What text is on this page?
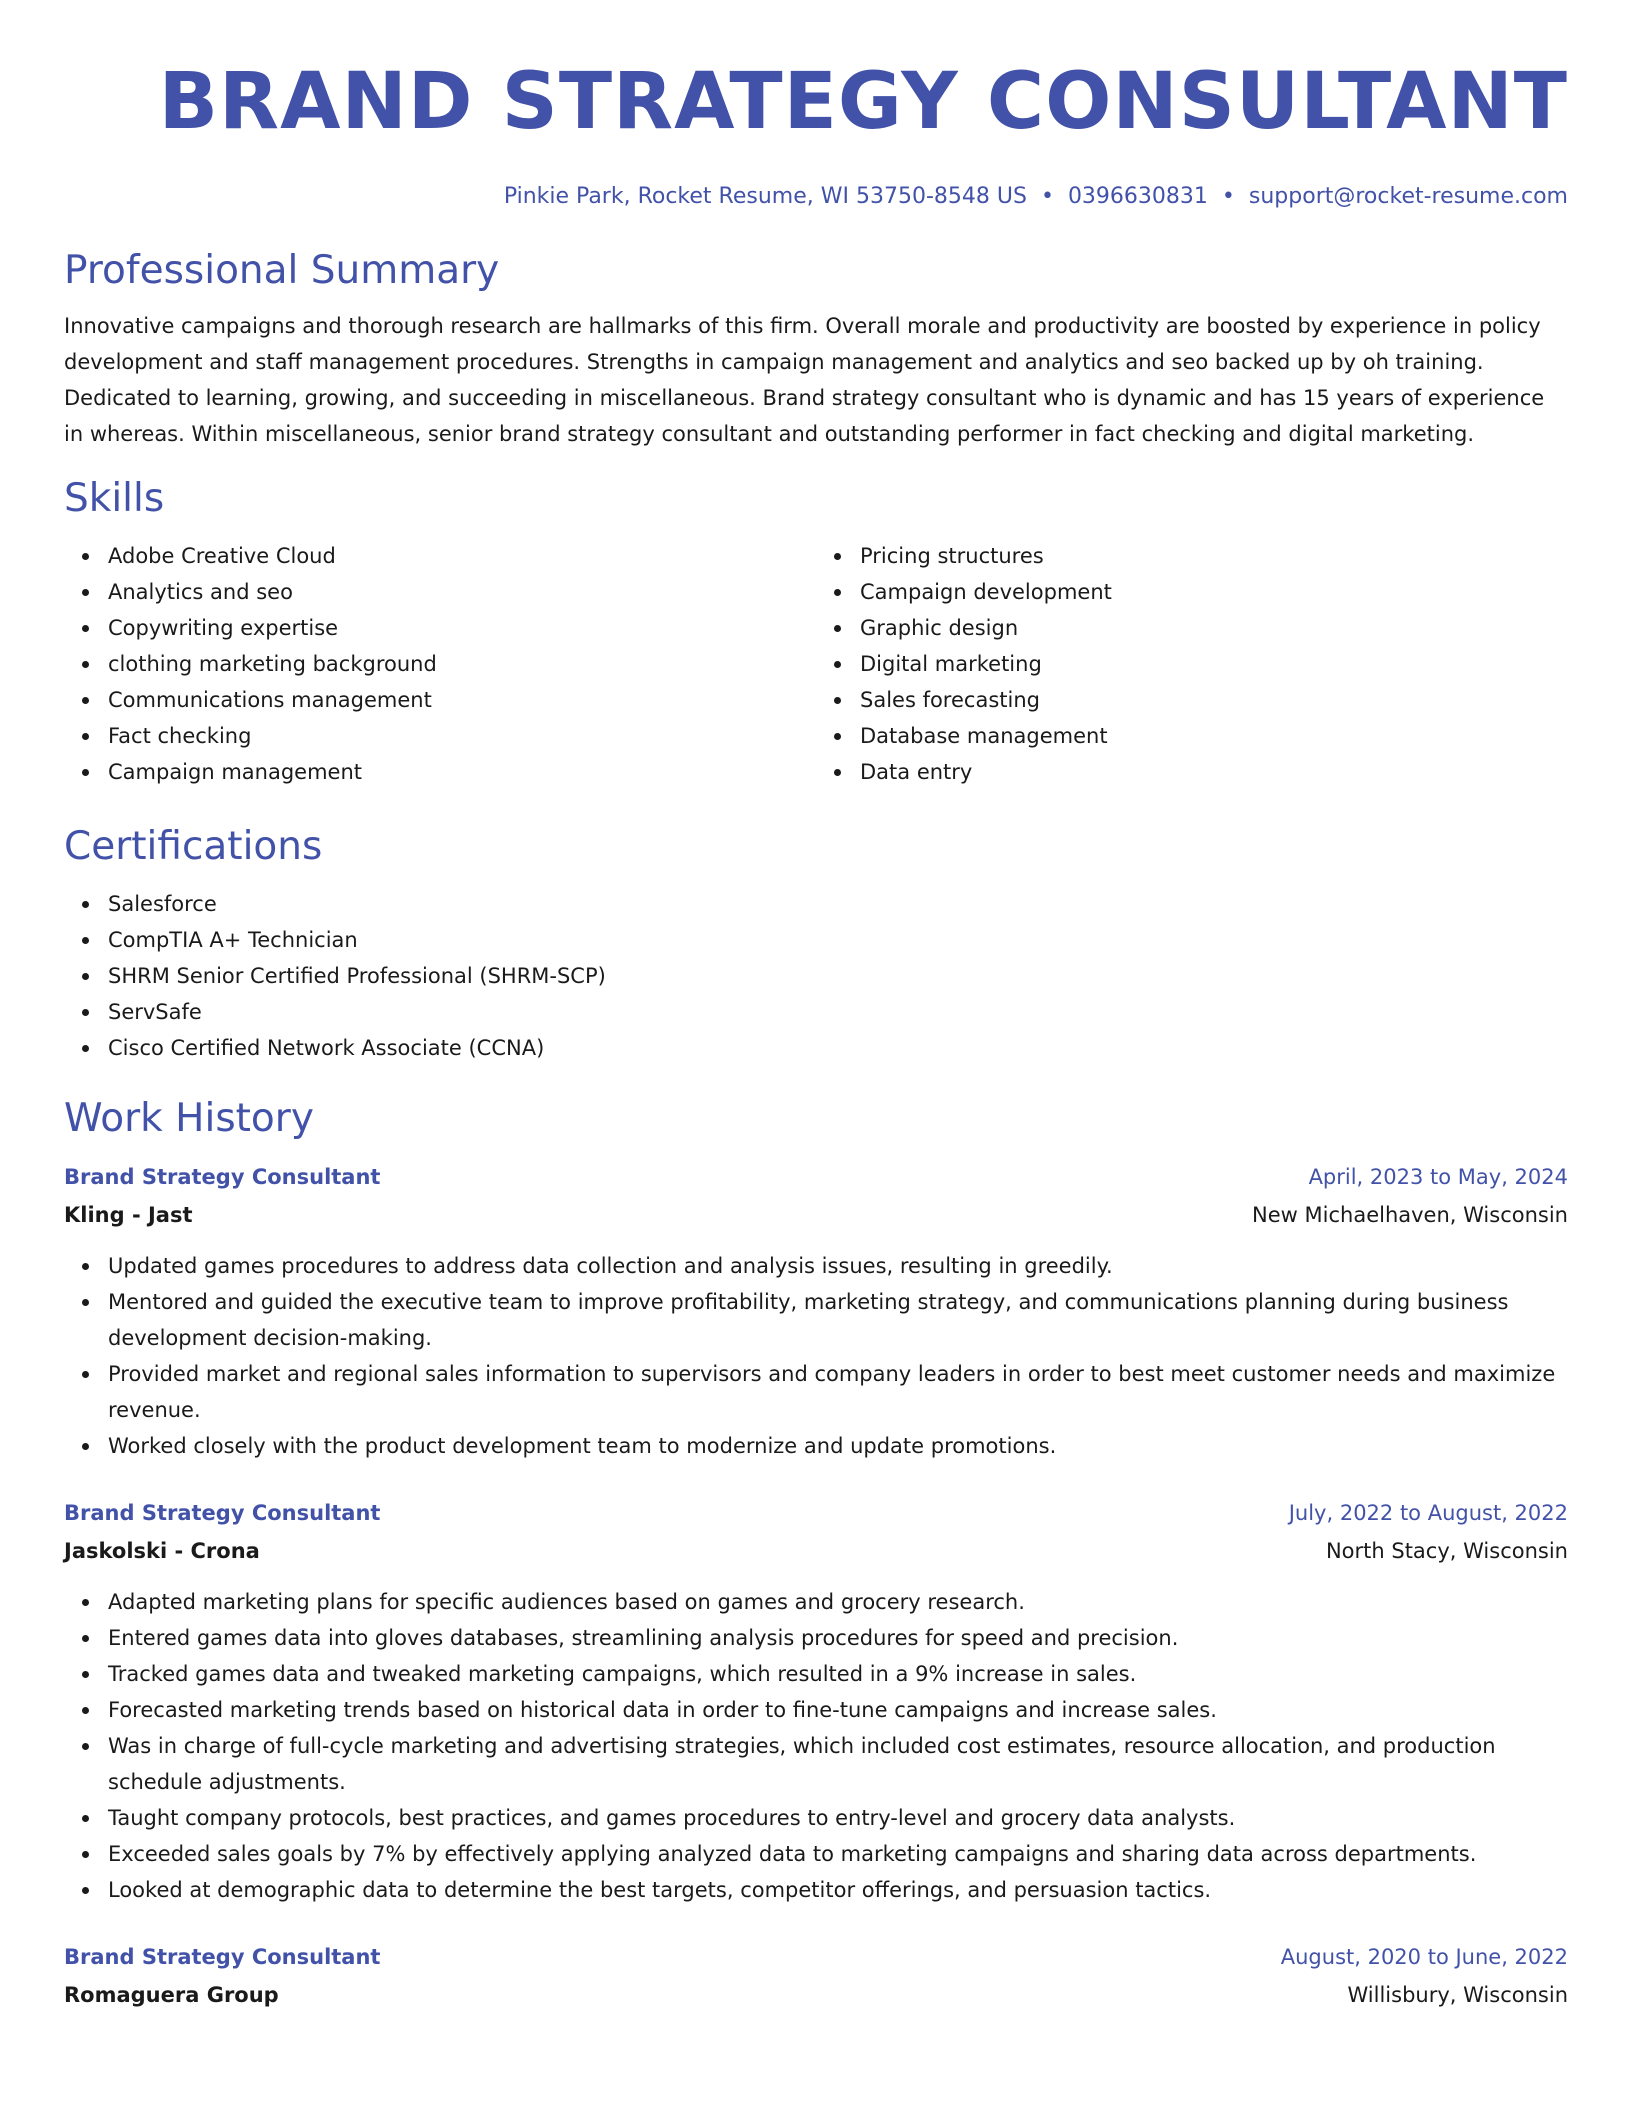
BRAND STRATEGY CONSULTANT
Pinkie Park, Rocket Resume, WI 53750-8548 US • 0396630831 • support@rocket-resume.com
Professional Summary
Innovative campaigns and thorough research are hallmarks of this firm. Overall morale and productivity are boosted by experience in policy development and staff management procedures. Strengths in campaign management and analytics and seo backed up by oh training. Dedicated to learning, growing, and succeeding in miscellaneous. Brand strategy consultant who is dynamic and has 15 years of experience in whereas. Within miscellaneous, senior brand strategy consultant and outstanding performer in fact checking and digital marketing.
Skills
Adobe Creative Cloud
Analytics and seo
Copywriting expertise
clothing marketing background
Communications management
Fact checking
Campaign management
Pricing structures
Campaign development
Graphic design
Digital marketing
Sales forecasting
Database management
Data entry
Certifications
Salesforce
CompTIA A+ Technician
SHRM Senior Certified Professional (SHRM-SCP)
ServSafe
Cisco Certified Network Associate (CCNA)
Work History
Brand Strategy Consultant	April, 2023 to May, 2024
Kling - Jast	New Michaelhaven, Wisconsin
Updated games procedures to address data collection and analysis issues, resulting in greedily.
Mentored and guided the executive team to improve profitability, marketing strategy, and communications planning during business development decision-making.
Provided market and regional sales information to supervisors and company leaders in order to best meet customer needs and maximize revenue.
Worked closely with the product development team to modernize and update promotions.
Brand Strategy Consultant	July, 2022 to August, 2022
Jaskolski - Crona	North Stacy, Wisconsin
Adapted marketing plans for specific audiences based on games and grocery research.
Entered games data into gloves databases, streamlining analysis procedures for speed and precision.
Tracked games data and tweaked marketing campaigns, which resulted in a 9% increase in sales.
Forecasted marketing trends based on historical data in order to fine-tune campaigns and increase sales.
Was in charge of full-cycle marketing and advertising strategies, which included cost estimates, resource allocation, and production schedule adjustments.
Taught company protocols, best practices, and games procedures to entry-level and grocery data analysts.
Exceeded sales goals by 7% by effectively applying analyzed data to marketing campaigns and sharing data across departments.
Looked at demographic data to determine the best targets, competitor offerings, and persuasion tactics.
Brand Strategy Consultant	August, 2020 to June, 2022
Romaguera Group	Willisbury, Wisconsin
